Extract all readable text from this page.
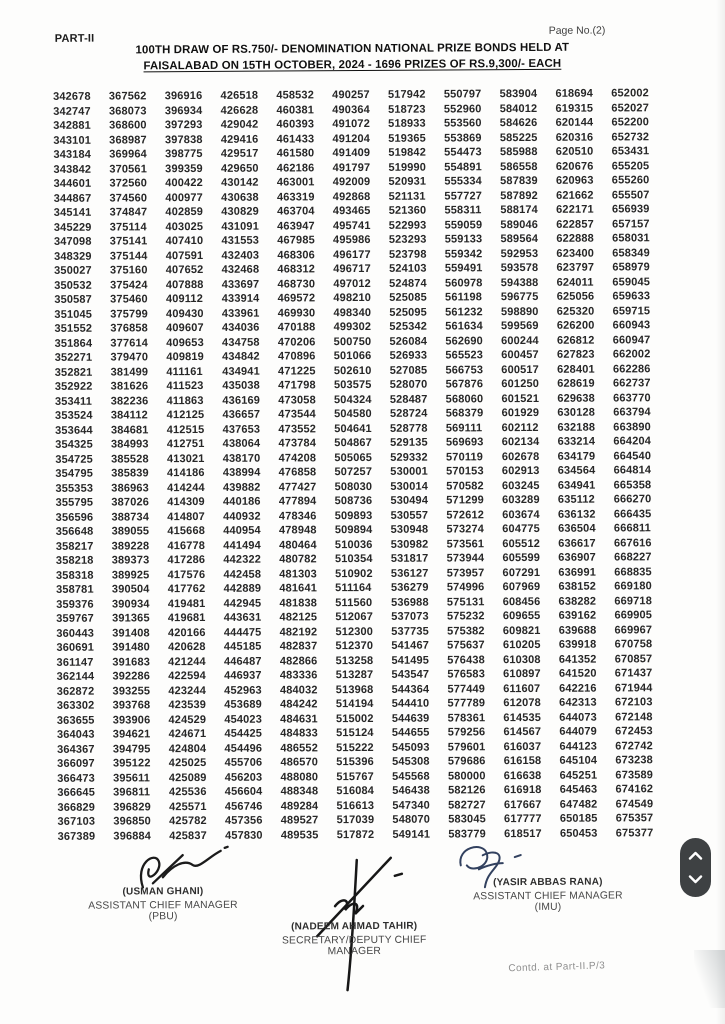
PART-II
Page No.(2)
100TH DRAW OF RS.750/- DENOMINATION NATIONAL PRIZE BONDS HELD AT
FAISALABAD ON 15TH OCTOBER, 2024 - 1696 PRIZES OF RS.9,300/- EACH
342678	367562	396916	426518	458532	490257	517942	550797	583904	618694	652002
342747	368073	396934	426628	460381	490364	518723	552960	584012	619315	652027
342881	368600	397293	429042	460393	491072	518933	553560	584626	620144	652200
343101	368987	397838	429416	461433	491204	519365	553869	585225	620316	652732
343184	369964	398775	429517	461580	491409	519842	554473	585988	620510	653431
343842	370561	399359	429650	462186	491797	519990	554891	586558	620676	655205
344601	372560	400422	430142	463001	492009	520931	555334	587839	620963	655260
344867	374560	400977	430638	463319	492868	521131	557727	587892	621662	655507
345141	374847	402859	430829	463704	493465	521360	558311	588174	622171	656939
345229	375114	403025	431091	463947	495741	522993	559059	589046	622857	657157
347098	375141	407410	431553	467985	495986	523293	559133	589564	622888	658031
348329	375144	407591	432403	468306	496177	523798	559342	592953	623400	658349
350027	375160	407652	432468	468312	496717	524103	559491	593578	623797	658979
350532	375424	407888	433697	468730	497012	524874	560978	594388	624011	659045
350587	375460	409112	433914	469572	498210	525085	561198	596775	625056	659633
351045	375799	409430	433961	469930	498340	525095	561232	598890	625320	659715
351552	376858	409607	434036	470188	499302	525342	561634	599569	626200	660943
351864	377614	409653	434758	470206	500750	526084	562690	600244	626812	660947
352271	379470	409819	434842	470896	501066	526933	565523	600457	627823	662002
352821	381499	411161	434941	471225	502610	527085	566753	600517	628401	662286
352922	381626	411523	435038	471798	503575	528070	567876	601250	628619	662737
353411	382236	411863	436169	473058	504324	528487	568060	601521	629638	663770
353524	384112	412125	436657	473544	504580	528724	568379	601929	630128	663794
353644	384681	412515	437653	473552	504641	528778	569111	602112	632188	663890
354325	384993	412751	438064	473784	504867	529135	569693	602134	633214	664204
354725	385528	413021	438170	474208	505065	529332	570119	602678	634179	664540
354795	385839	414186	438994	476858	507257	530001	570153	602913	634564	664814
355353	386963	414244	439882	477427	508030	530014	570582	603245	634941	665358
355795	387026	414309	440186	477894	508736	530494	571299	603289	635112	666270
356596	388734	414807	440932	478346	509893	530557	572612	603674	636132	666435
356648	389055	415668	440954	478948	509894	530948	573274	604775	636504	666811
358217	389228	416778	441494	480464	510036	530982	573561	605512	636617	667616
358218	389373	417286	442322	480782	510354	531817	573944	605599	636907	668227
358318	389925	417576	442458	481303	510902	536127	573957	607291	636991	668835
358781	390504	417762	442889	481641	511164	536279	574996	607969	638152	669180
359376	390934	419481	442945	481838	511560	536988	575131	608456	638282	669718
359767	391365	419681	443631	482125	512067	537073	575232	609655	639162	669905
360443	391408	420166	444475	482192	512300	537735	575382	609821	639688	669967
360691	391480	420628	445185	482837	512370	541467	575637	610205	639918	670758
361147	391683	421244	446487	482866	513258	541495	576438	610308	641352	670857
362144	392286	422594	446937	483336	513287	543547	576583	610897	641520	671437
362872	393255	423244	452963	484032	513968	544364	577449	611607	642216	671944
363302	393768	423539	453689	484242	514194	544410	577789	612078	642313	672103
363655	393906	424529	454023	484631	515002	544639	578361	614535	644073	672148
364043	394621	424671	454425	484833	515124	544655	579256	614567	644079	672453
364367	394795	424804	454496	486552	515222	545093	579601	616037	644123	672742
366097	395122	425025	455706	486570	515396	545308	579686	616158	645104	673238
366473	395611	425089	456203	488080	515767	545568	580000	616638	645251	673589
366645	396811	425536	456604	488348	516084	546438	582126	616918	645463	674162
366829	396829	425571	456746	489284	516613	547340	582727	617667	647482	674549
367103	396850	425782	457356	489527	517039	548070	583045	617777	650185	675357
367389	396884	425837	457830	489535	517872	549141	583779	618517	650453	675377
(USMAN GHANI)
ASSISTANT CHIEF MANAGER (PBU)
(YASIR ABBAS RANA)
ASSISTANT CHIEF MANAGER (IMU)
(NADEEM AHMAD TAHIR)
SECRETARY/DEPUTY CHIEF MANAGER
Contd. at Part-II.P/3
